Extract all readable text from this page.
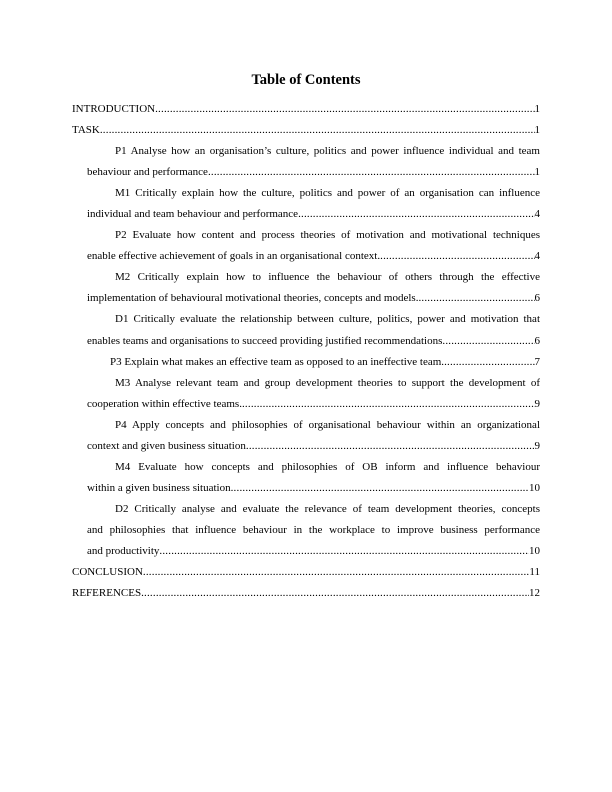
Table of Contents
INTRODUCTION .....	1
TASK .....	1
P1 Analyse how an organisation’s culture, politics and power influence individual and team
behaviour and performance .....	1
M1 Critically explain how the culture, politics and power of an organisation can influence
individual and team behaviour and performance .....	4
P2 Evaluate how content and process theories of motivation and motivational techniques
enable effective achievement of goals in an organisational context. .....	4
M2 Critically explain how to influence the behaviour of others through the effective
implementation of behavioural motivational theories, concepts and models. .....	6
D1 Critically evaluate the relationship between culture, politics, power and motivation that
enables teams and organisations to succeed providing justified recommendations .....	6
P3 Explain what makes an effective team as opposed to an ineffective team. .....	7
M3 Analyse relevant team and group development theories to support the development of
cooperation within effective teams. .....	9
P4 Apply concepts and philosophies of organisational behaviour within an organizational
context and given business situation .....	9
M4 Evaluate how concepts and philosophies of OB inform and influence behaviour
within a given business situation .....	10
D2 Critically analyse and evaluate the relevance of team development theories, concepts
and philosophies that influence behaviour in the workplace to improve business performance
and productivity .....	10
CONCLUSION .....	11
REFERENCES .....	12
